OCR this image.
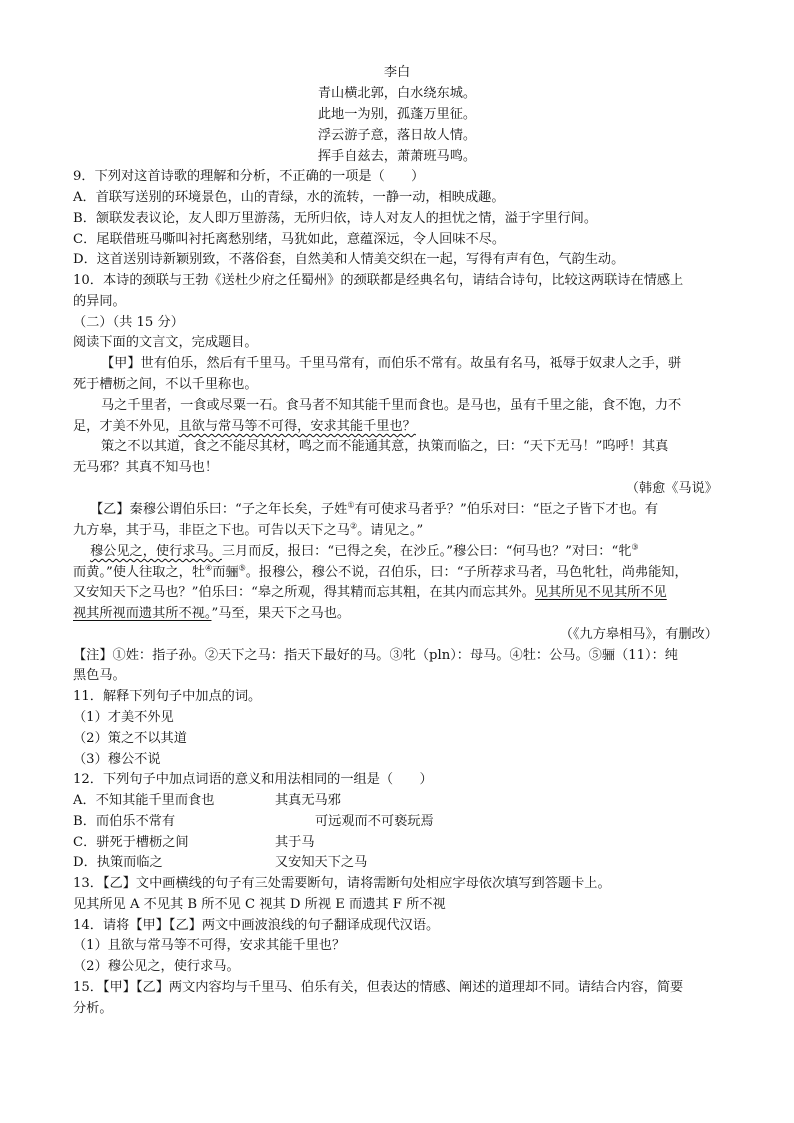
李白
青山横北郭，白水绕东城。
此地一为别，孤蓬万里征。
浮云游子意，落日故人情。
挥手自兹去，萧萧班马鸣。
9．下列对这首诗歌的理解和分析，不正确的一项是（　　）
A．首联写送别的环境景色，山的青绿，水的流转，一静一动，相映成趣。
B．颔联发表议论，友人即万里游荡，无所归依，诗人对友人的担忧之情，溢于字里行间。
C．尾联借班马嘶叫衬托离愁别绪，马犹如此，意蕴深远，令人回味不尽。
D．这首送别诗新颖别致，不落俗套，自然美和人情美交织在一起，写得有声有色，气韵生动。
10．本诗的颈联与王勃《送杜少府之任蜀州》的颈联都是经典名句，请结合诗句，比较这两联诗在情感上
的异同。
（二）（共 15 分）
阅读下面的文言文，完成题目。
【甲】世有伯乐，然后有千里马。千里马常有，而伯乐不常有。故虽有名马，祗辱于奴隶人之手，骈
死于槽枥之间，不以千里称也。
马之千里者，一食或尽粟一石。食马者不知其能千里而食也。是马也，虽有千里之能，食不饱，力不
足，才美不外见，且欲与常马等不可得，安求其能千里也？
策之不以其道，食之不能尽其材，鸣之而不能通其意，执策而临之，曰：“天下无马！”呜呼！其真
无马邪？其真不知马也！
（韩愈《马说》
【乙】秦穆公谓伯乐曰：“子之年长矣，子姓①有可使求马者乎？”伯乐对曰：“臣之子皆下才也。有
九方皋，其于马，非臣之下也。可告以天下之马②。请见之。”
穆公见之，使行求马。三月而反，报曰：“已得之矣，在沙丘。”穆公曰：“何马也？”对曰：“牝③
而黄。”使人往取之，牡④而骊⑤。报穆公，穆公不说，召伯乐，曰：“子所荐求马者，马色牝牡，尚弗能知，
又安知天下之马也？”伯乐曰：“皋之所观，得其精而忘其粗，在其内而忘其外。见其所见不见其所不见
视其所视而遗其所不视。”马至，果天下之马也。
（《九方皋相马》，有删改）
【注】①姓：指子孙。②天下之马：指天下最好的马。③牝（pln）：母马。④牡：公马。⑤骊（11）：纯
黑色马。
11．解释下列句子中加点的词。
（1）才美不外见
（2）策之不以其道
（3）穆公不说
12．下列句子中加点词语的意义和用法相同的一组是（　　）
A．不知其能千里而食也	其真无马邪
B．而伯乐不常有	可远观而不可亵玩焉
C．骈死于槽枥之间	其于马
D．执策而临之	又安知天下之马
13．【乙】文中画横线的句子有三处需要断句，请将需断句处相应字母依次填写到答题卡上。
见其所见 A 不见其 B 所不见 C 视其 D 所视 E 而遗其 F 所不视
14．请将【甲】【乙】两文中画波浪线的句子翻译成现代汉语。
（1）且欲与常马等不可得，安求其能千里也？
（2）穆公见之，使行求马。
15．【甲】【乙】两文内容均与千里马、伯乐有关，但表达的情感、阐述的道理却不同。请结合内容，简要
分析。
